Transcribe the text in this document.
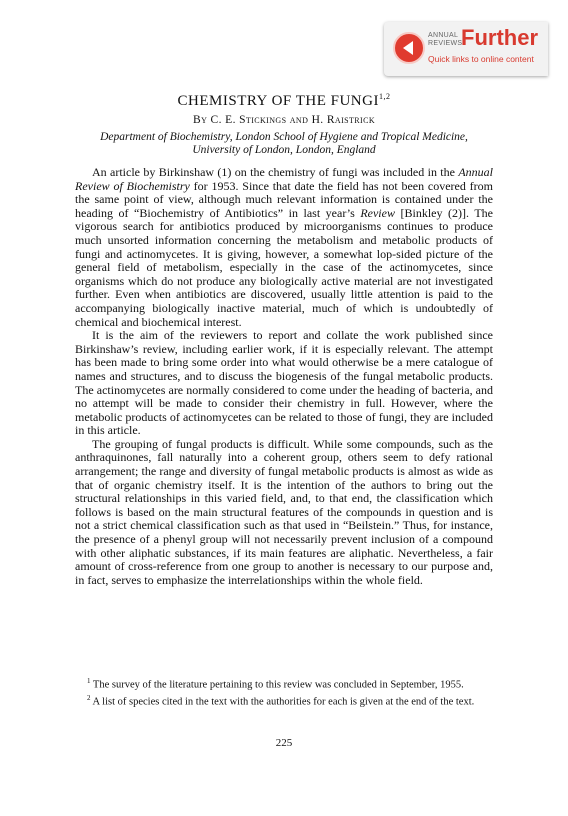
ANNUAL REVIEWS
Further
Quick links to online content
CHEMISTRY OF THE FUNGI$^{1,2}$
By C. E. Stickings and H. Raistrick
Department of Biochemistry, London School of Hygiene and Tropical Medicine,
University of London, London, England

An article by Birkinshaw (1) on the chemistry of fungi was included in the Annual Review of Biochemistry for 1953. Since that date the field has not been covered from the same point of view, although much relevant information is contained under the heading of “Biochemistry of Antibiotics” in last year’s Review [Binkley (2)]. The vigorous search for antibiotics produced by microorganisms continues to produce much unsorted information concerning the metabolism and metabolic products of fungi and actinomycetes. It is giving, however, a somewhat lop-sided picture of the general field of metabolism, especially in the case of the actinomycetes, since organisms which do not produce any biologically active material are not investigated further. Even when antibiotics are discovered, usually little attention is paid to the accompanying biologically inactive material, much of which is undoubtedly of chemical and biochemical interest.

It is the aim of the reviewers to report and collate the work published since Birkinshaw’s review, including earlier work, if it is especially relevant. The attempt has been made to bring some order into what would otherwise be a mere catalogue of names and structures, and to discuss the biogenesis of the fungal metabolic products. The actinomycetes are normally considered to come under the heading of bacteria, and no attempt will be made to consider their chemistry in full. However, where the metabolic products of actinomycetes can be related to those of fungi, they are included in this article.

The grouping of fungal products is difficult. While some compounds, such as the anthraquinones, fall naturally into a coherent group, others seem to defy rational arrangement; the range and diversity of fungal metabolic products is almost as wide as that of organic chemistry itself. It is the intention of the authors to bring out the structural relationships in this varied field, and, to that end, the classification which follows is based on the main structural features of the compounds in question and is not a strict chemical classification such as that used in “Beilstein.” Thus, for instance, the presence of a phenyl group will not necessarily prevent inclusion of a compound with other aliphatic substances, if its main features are aliphatic. Nevertheless, a fair amount of cross-reference from one group to another is necessary to our purpose and, in fact, serves to emphasize the interrelationships within the whole field.

$^1$ The survey of the literature pertaining to this review was concluded in September, 1955.

$^2$ A list of species cited in the text with the authorities for each is given at the end of the text.

225
